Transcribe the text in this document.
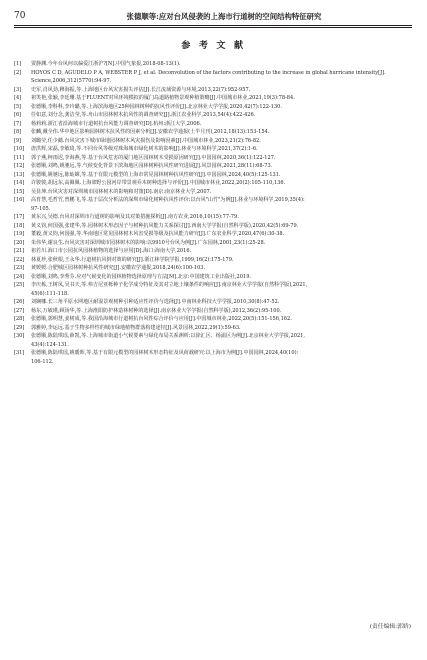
70	张德顺等:应对台风侵袭的上海市行道树的空间结构特征研究
参 考 文 献
[1] 贾静渊.今年台风何以偏爱江浙沪?[N].中国气象报,2018-08-13(1).
[2] HOYOS C D, AGUDELO P A, WEBSTER P J, et al. Deconvolution of the factors contributing to the increase in global hurricane intensity[J].
Science,2006,312(5770):94-97.
[3] 史军,肖风劲,穆海振,等.上海地区台风灾害损失评估[J].长江流域资源与环境,2013,22(7):952-957.
[4] 祖笑艳,张颖,李廷珊.基于FLUENT对风环境模拟的厦门岛道路植物景观种植策略[J].中国城市林业,2021,19(3):78-84.
[5] 张德顺,李科科,李玲璐,等.上海滨海地区25种园林树种的抗风性评价[J].北京林业大学学报,2020,42(7):122-130.
[6] 任如意,刘分念,龚洁莹,等.舟山市园林树木抗风性的调查研究[J].浙江农业科学,2013,54(4):422-426.
[7] 杨莉莉.浙江省沿海城市行道树抗台风能力调查研究[D].杭州:浙江大学,2006.
[8] 张麟,戴全伟.华中地区影响园林树木抗风性的因素分析[J].安徽农学通报(上半月刊),2012,18(13):153-154.
[9] 刘璐莹,任少懿.台风灾害下城市绿地园林树木风灾损伤及影响因素[J].中国城市林业,2023,21(2):76-82.
[10] 唐洪辉,宋磊,李敏琦,等.不同台风等级对珠海城市绿化树木的影响[J].林业与环境科学,2021,37(2):1-6.
[11] 郭子燕,柯雨迟,李海燕,等.基于台风危害的厦门地区园林树木受损原因研究[J].中国园林,2020,36(1):122-127.
[12] 张德顺,刘鸣,姚驰远,等.气候变化背景下滨海地区园林树种抗风性研究进展[J].风景园林,2021,28(11):68-73.
[13] 张德顺,姚驰远,陈灿嫦,等.基于有限元模型的上海市常见园林树种抗风性研究[J].中国园林,2024,40(5):125-131.
[14] 许骏骏,胡远东,高佩佩.上海郊野公园河岸带景观乔木树种选择与评价[J].中国城市林业,2022,20(2):105-110,136.
[15] 吴显坤.台风灾害对深圳城市园林树木的影响和对策[D].南京:南京林业大学,2007.
[16] 高育慧,毛哲竹,曾鹏飞,等.基于层次分析法的深圳市绿化树种抗风性评价:以台风"山竹"为例[J].林业与环境科学,2019,35(4):
97-105.
[17] 黄东兴,吴德.台风对深圳市行道树的影响及其对策措施探析[J].南方农业,2016,10(15):77-79.
[18] 黄义钧,何国强,张建华,等.园林树木形态因子与树种抗风能力关系探讨[J].西南大学学报(自然科学版),2020,42(5):69-79.
[19] 董毅,黄义钧,何国强,等.华南地区常见园林树木风害受损等级及抗风能力研究[J].广东农业科学,2020,47(6):30-38.
[20] 朱伟华,谢良生.台风灾害对深圳城市园林树木的影响:以9910号台风为例[J].广东园林,2001,23(1):25-28.
[21] 祖若川.海口市公园抗风园林植物的选择与应用[D].海口:海南大学,2016.
[22] 林夏珍,张秋根,王永华.行道树抗风倒对策的研究[J].浙江林学院学报,1999,16(2):175-179.
[23] 黄媛媛.合肥城区园林树种抗风性研究[J].安徽农学通报,2018,24(6):100-103.
[24] 张德顺,刘鸣,李秀芬.应对气候变化的园林植物选择原理与方法[M].北京:中国建筑工业出版社,2019.
[25] 李庆栋,王树凤,吴书天,等.弗吉尼亚栎种子化学成分特征及其对立地土壤条件的响应[J].南京林业大学学报(自然科学版),2021,
45(6):111-118.
[26] 刘娴娜.长三角平原水网地区耐湿景观树种引种适应性评价与选择[J].中南林业科技大学学报,2010,30(8):47-52.
[27] 杨东,万敏瑾,顾汤华,等.上海淮阳防护林造林树种的选择[J].南京林业大学学报(自然科学版),2012,36(2):95-100.
[28] 张德顺,郭明慧,姜树成,等.我国沿海城市行道树抗台风性综合评价与应用[J].中国城市林业,2022,20(5):151-156,162.
[29] 郭雅婷,李运远.基于生物多样性的城市绿地植物群落构建途径[J].风景园林,2022,29(1):59-63.
[30] 张德顺,陈陆琪瑶,薛凯,等.上海城市街道小气候要素与绿化布局关系测析:以徐汇区、杨浦区为例[J].北京林业大学学报,2021,
43(4):124-131.
[31] 张德顺,陈陆琪瑶,姚暖晖,等.基于有限元模型的园林树木形态特征及风荷载研究:以上海市为例[J].中国园林,2024,40(10):
106-112.
(责任编辑:郭娇)
